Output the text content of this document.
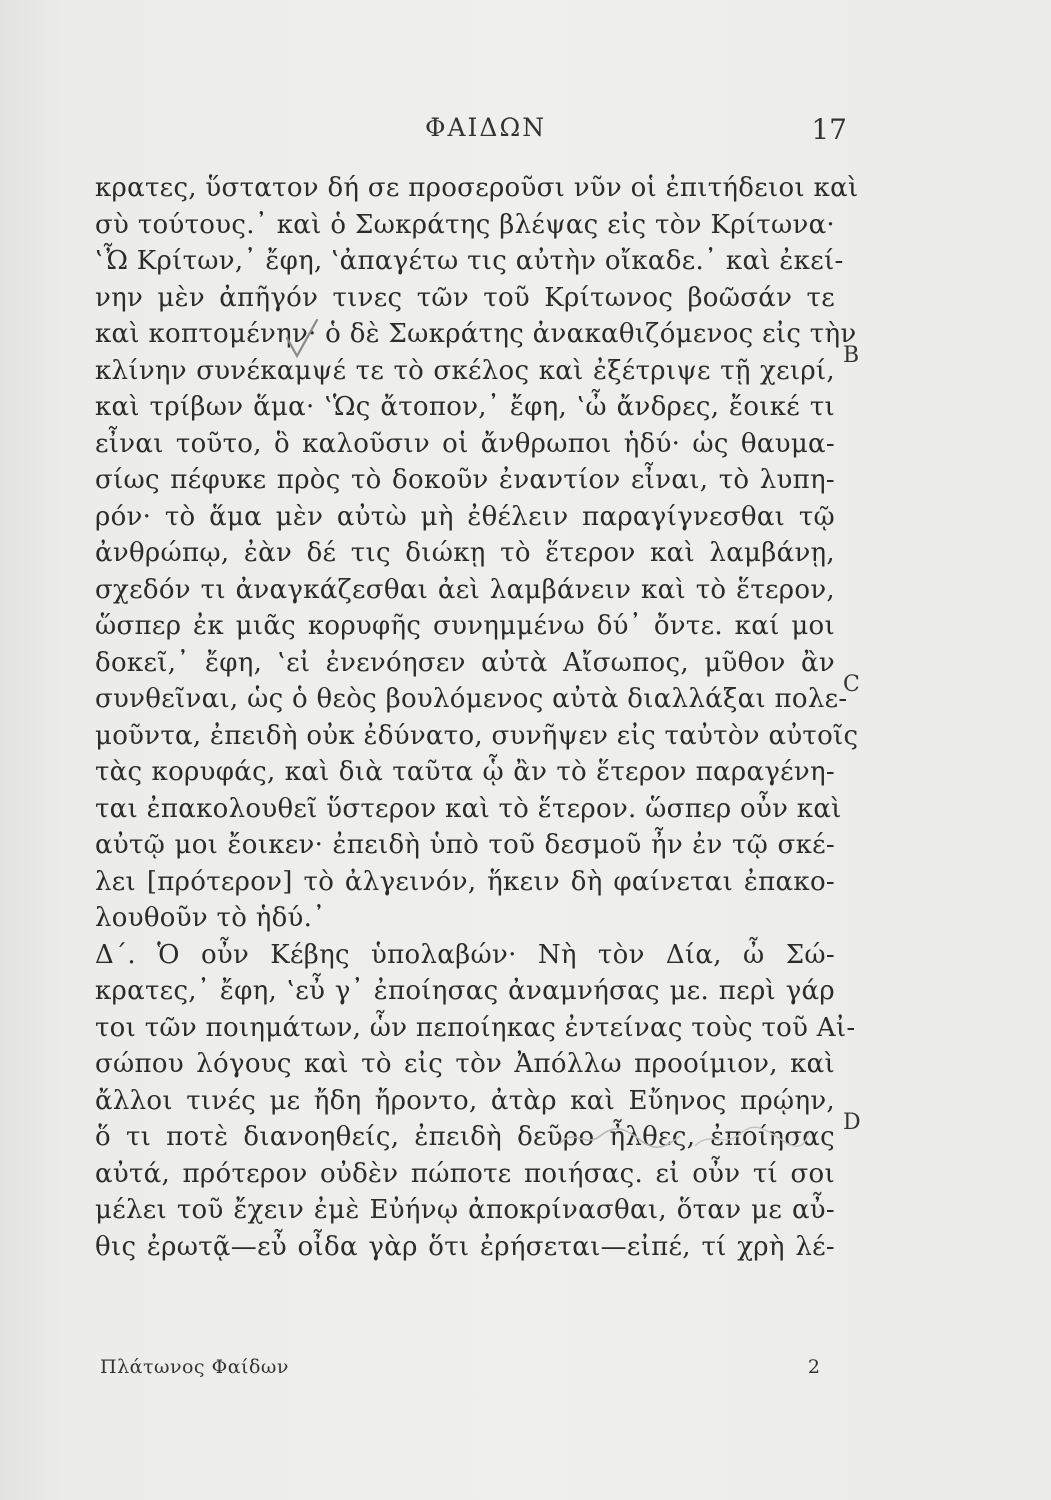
ΦΑΙΔΩΝ	17
κρατες, ὕστατον δή σε προσεροῦσι νῦν οἱ ἐπιτήδειοι καὶ
σὺ τούτους.᾽ καὶ ὁ Σωκράτης βλέψας εἰς τὸν Κρίτωνα·
‛Ὦ Κρίτων,᾽ ἔφη, ‛ἀπαγέτω τις αὐτὴν οἴκαδε.᾽ καὶ ἐκεί-
νην μὲν ἀπῆγόν τινες τῶν τοῦ Κρίτωνος βοῶσάν τε
καὶ κοπτομένην· ὁ δὲ Σωκράτης ἀνακαθιζόμενος εἰς τὴν
κλίνην συνέκαμψέ τε τὸ σκέλος καὶ ἐξέτριψε τῇ χειρί,
καὶ τρίβων ἅμα· ‛Ὡς ἄτοπον,᾽ ἔφη, ‛ὦ ἄνδρες, ἔοικέ τι
εἶναι τοῦτο, ὃ καλοῦσιν οἱ ἄνθρωποι ἡδύ· ὡς θαυμα-
σίως πέφυκε πρὸς τὸ δοκοῦν ἐναντίον εἶναι, τὸ λυπη-
ρόν· τὸ ἅμα μὲν αὐτὼ μὴ ἐθέλειν παραγίγνεσθαι τῷ
ἀνθρώπῳ, ἐὰν δέ τις διώκῃ τὸ ἕτερον καὶ λαμβάνῃ,
σχεδόν τι ἀναγκάζεσθαι ἀεὶ λαμβάνειν καὶ τὸ ἕτερον,
ὥσπερ ἐκ μιᾶς κορυφῆς συνημμένω δύ᾽ ὄντε. καί μοι
δοκεῖ,᾽ ἔφη, ‛εἰ ἐνενόησεν αὐτὰ Αἴσωπος, μῦθον ἂν
συνθεῖναι, ὡς ὁ θεὸς βουλόμενος αὐτὰ διαλλάξαι πολε-
μοῦντα, ἐπειδὴ οὐκ ἐδύνατο, συνῆψεν εἰς ταὐτὸν αὐτοῖς
τὰς κορυφάς, καὶ διὰ ταῦτα ᾧ ἂν τὸ ἕτερον παραγένη-
ται ἐπακολουθεῖ ὕστερον καὶ τὸ ἕτερον. ὥσπερ οὖν καὶ
αὐτῷ μοι ἔοικεν· ἐπειδὴ ὑπὸ τοῦ δεσμοῦ ἦν ἐν τῷ σκέ-
λει [πρότερον] τὸ ἀλγεινόν, ἥκειν δὴ φαίνεται ἐπακο-
λουθοῦν τὸ ἡδύ.᾽
Δ΄. Ὁ οὖν Κέβης ὑπολαβών· Νὴ τὸν Δία, ὦ Σώ-
κρατες,᾽ ἔφη, ‛εὖ γ᾽ ἐποίησας ἀναμνήσας με. περὶ γάρ
τοι τῶν ποιημάτων, ὧν πεποίηκας ἐντείνας τοὺς τοῦ Αἰ-
σώπου λόγους καὶ τὸ εἰς τὸν Ἀπόλλω προοίμιον, καὶ
ἄλλοι τινές με ἤδη ἤροντο, ἀτὰρ καὶ Εὔηνος πρῴην,
ὅ τι ποτὲ διανοηθείς, ἐπειδὴ δεῦρο ἦλθες, ἐποίησας
αὐτά, πρότερον οὐδὲν πώποτε ποιήσας. εἰ οὖν τί σοι
μέλει τοῦ ἔχειν ἐμὲ Εὐήνῳ ἀποκρίνασθαι, ὅταν με αὖ-
θις ἐρωτᾷ—εὖ οἶδα γὰρ ὅτι ἐρήσεται—εἰπέ, τί χρὴ λέ-
B
C
D
Πλάτωνος Φαίδων	2
